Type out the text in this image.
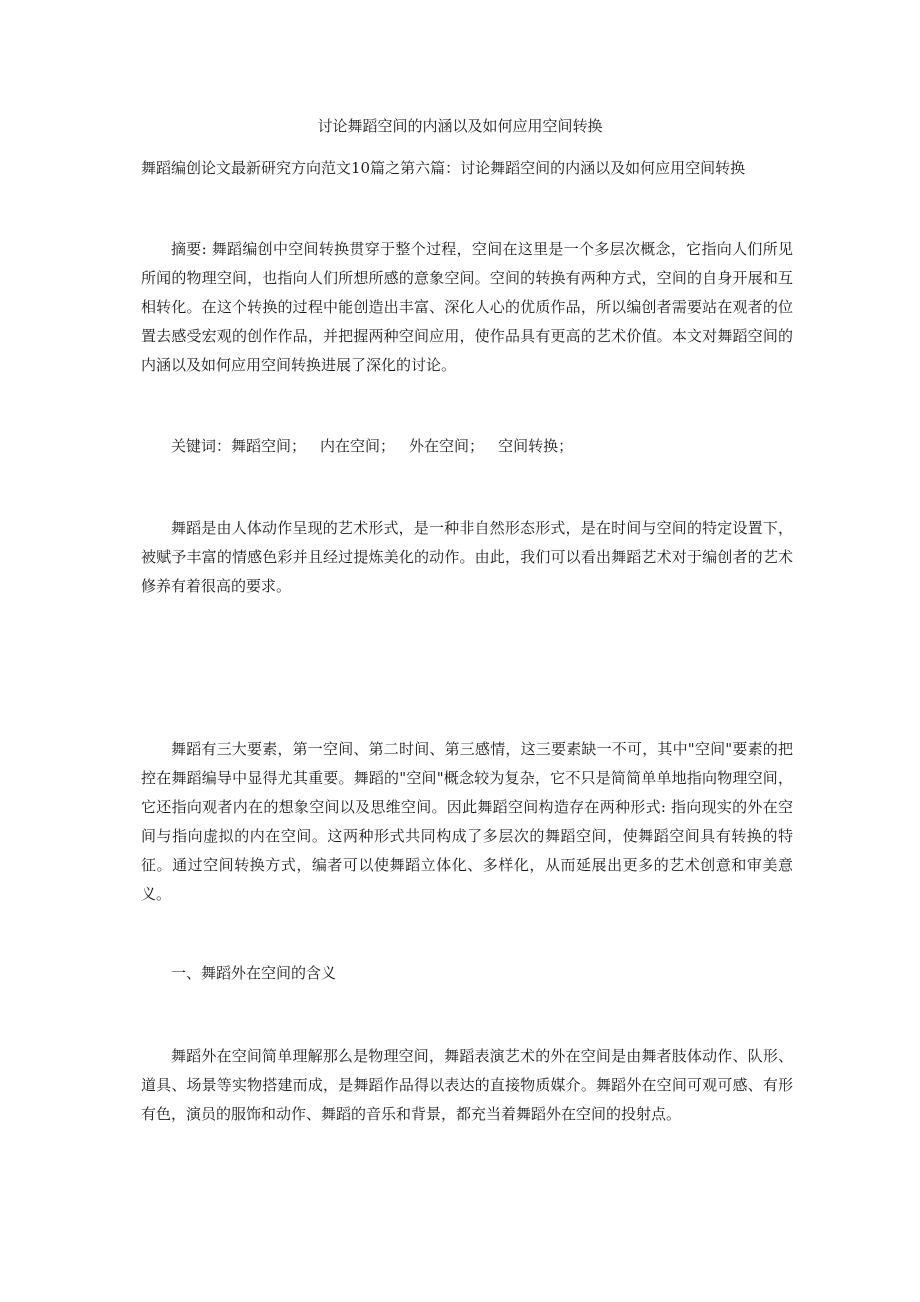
讨论舞蹈空间的内涵以及如何应用空间转换
舞蹈编创论文最新研究方向范文10篇之第六篇：讨论舞蹈空间的内涵以及如何应用空间转换
摘要: 舞蹈编创中空间转换贯穿于整个过程，空间在这里是一个多层次概念，它指向人们所见所闻的物理空间，也指向人们所想所感的意象空间。空间的转换有两种方式，空间的自身开展和互相转化。在这个转换的过程中能创造出丰富、深化人心的优质作品，所以编创者需要站在观者的位置去感受宏观的创作作品，并把握两种空间应用，使作品具有更高的艺术价值。本文对舞蹈空间的内涵以及如何应用空间转换进展了深化的讨论。
关键词：舞蹈空间； 内在空间； 外在空间； 空间转换；
舞蹈是由人体动作呈现的艺术形式，是一种非自然形态形式，是在时间与空间的特定设置下，被赋予丰富的情感色彩并且经过提炼美化的动作。由此，我们可以看出舞蹈艺术对于编创者的艺术修养有着很高的要求。
舞蹈有三大要素，第一空间、第二时间、第三感情，这三要素缺一不可，其中"空间"要素的把控在舞蹈编导中显得尤其重要。舞蹈的"空间"概念较为复杂，它不只是简简单单地指向物理空间，它还指向观者内在的想象空间以及思维空间。因此舞蹈空间构造存在两种形式: 指向现实的外在空间与指向虚拟的内在空间。这两种形式共同构成了多层次的舞蹈空间，使舞蹈空间具有转换的特征。通过空间转换方式，编者可以使舞蹈立体化、多样化，从而延展出更多的艺术创意和审美意义。
一、舞蹈外在空间的含义
舞蹈外在空间简单理解那么是物理空间，舞蹈表演艺术的外在空间是由舞者肢体动作、队形、道具、场景等实物搭建而成，是舞蹈作品得以表达的直接物质媒介。舞蹈外在空间可观可感、有形有色，演员的服饰和动作、舞蹈的音乐和背景，都充当着舞蹈外在空间的投射点。
